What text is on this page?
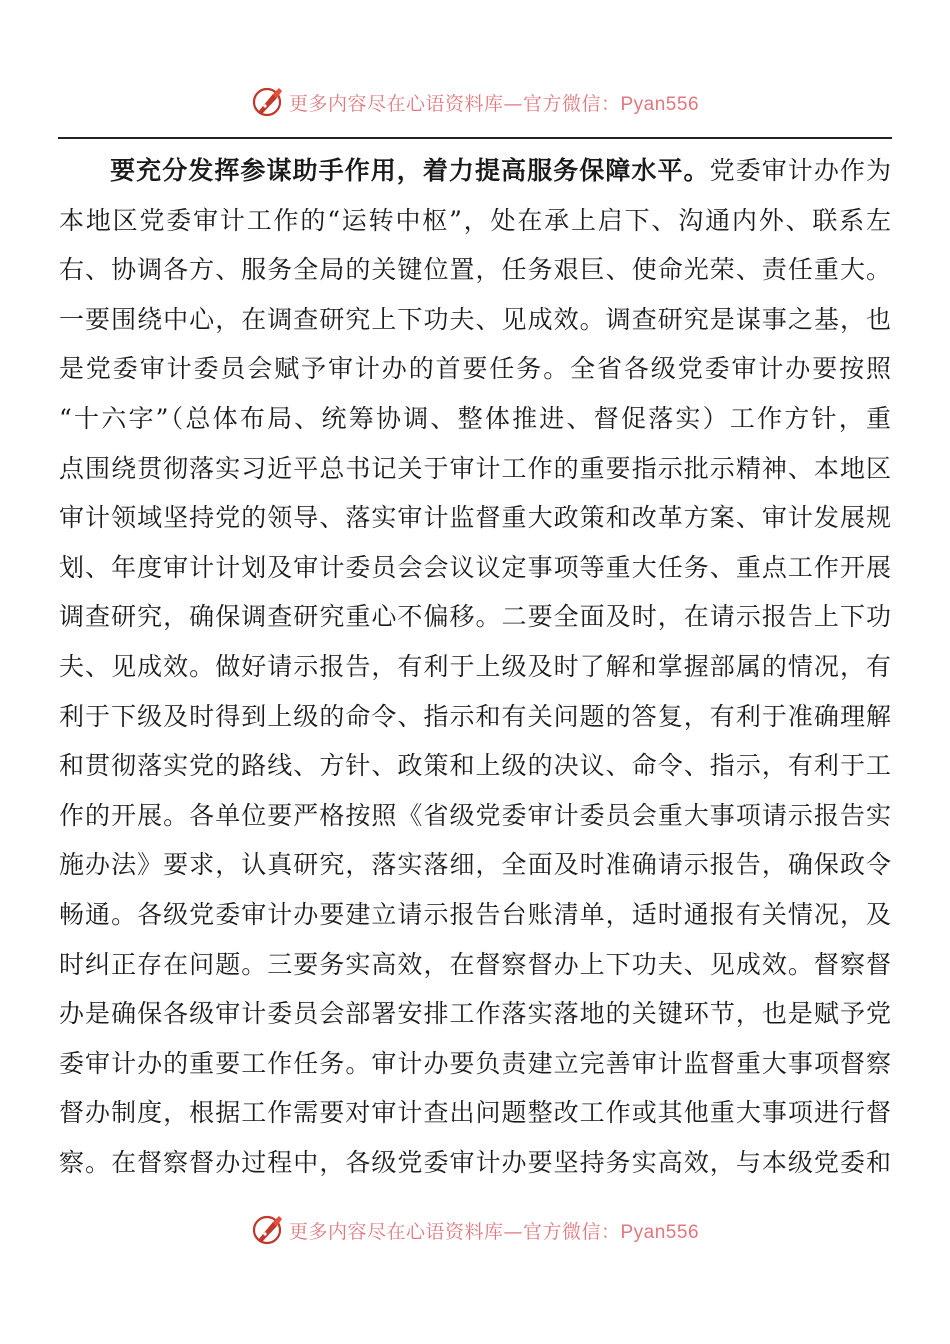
更多内容尽在心语资料库—官方微信：Pyan556
要充分发挥参谋助手作用，着力提高服务保障水平。党委审计办作为
本地区党委审计工作的“运转中枢”，处在承上启下、沟通内外、联系左
右、协调各方、服务全局的关键位置，任务艰巨、使命光荣、责任重大。
一要围绕中心，在调查研究上下功夫、见成效。调查研究是谋事之基，也
是党委审计委员会赋予审计办的首要任务。全省各级党委审计办要按照
“十六字”（总体布局、统筹协调、整体推进、督促落实）工作方针，重
点围绕贯彻落实习近平总书记关于审计工作的重要指示批示精神、本地区
审计领域坚持党的领导、落实审计监督重大政策和改革方案、审计发展规
划、年度审计计划及审计委员会会议议定事项等重大任务、重点工作开展
调查研究，确保调查研究重心不偏移。二要全面及时，在请示报告上下功
夫、见成效。做好请示报告，有利于上级及时了解和掌握部属的情况，有
利于下级及时得到上级的命令、指示和有关问题的答复，有利于准确理解
和贯彻落实党的路线、方针、政策和上级的决议、命令、指示，有利于工
作的开展。各单位要严格按照《省级党委审计委员会重大事项请示报告实
施办法》要求，认真研究，落实落细，全面及时准确请示报告，确保政令
畅通。各级党委审计办要建立请示报告台账清单，适时通报有关情况，及
时纠正存在问题。三要务实高效，在督察督办上下功夫、见成效。督察督
办是确保各级审计委员会部署安排工作落实落地的关键环节，也是赋予党
委审计办的重要工作任务。审计办要负责建立完善审计监督重大事项督察
督办制度，根据工作需要对审计查出问题整改工作或其他重大事项进行督
察。在督察督办过程中，各级党委审计办要坚持务实高效，与本级党委和
更多内容尽在心语资料库—官方微信：Pyan556
